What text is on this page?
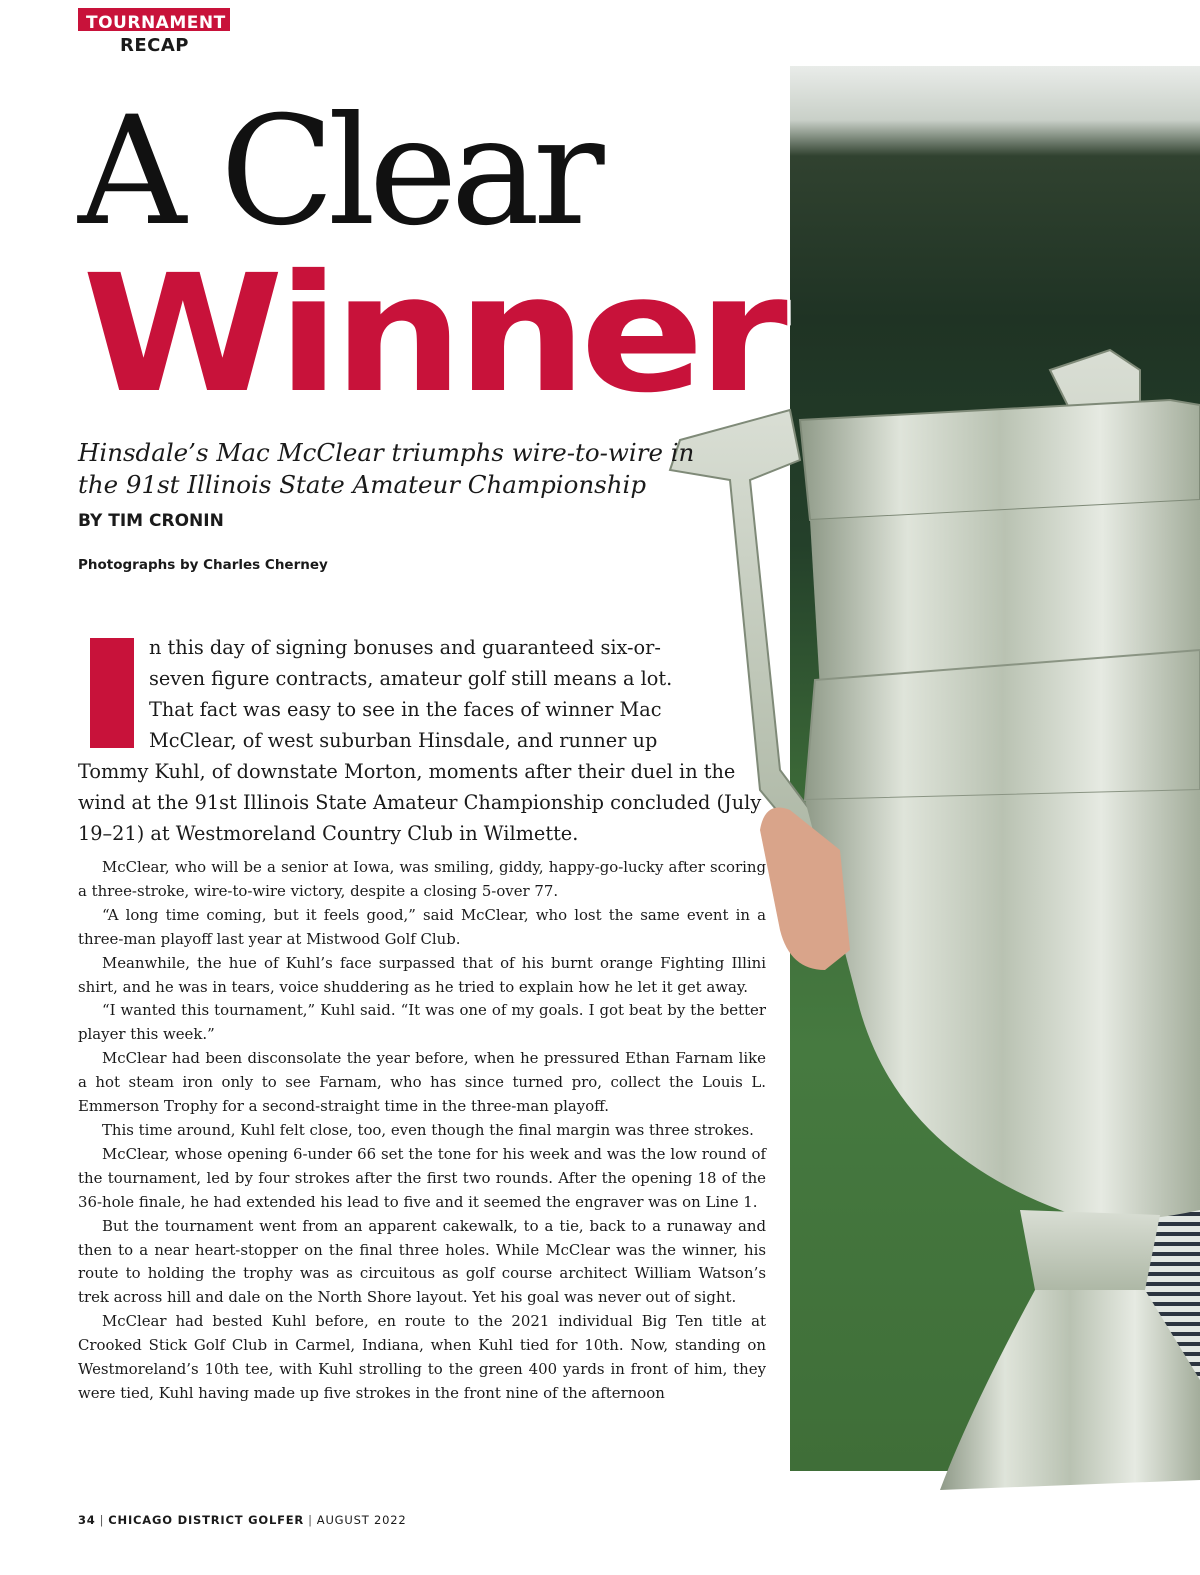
TOURNAMENT
RECAP
A Clear
Winner

Hinsdale’s Mac McClear triumphs wire-to-wire in the 91st Illinois State Amateur Championship

BY TIM CRONIN
Photographs by Charles Cherney

n this day of signing bonuses and guaranteed six-or-
seven figure contracts, amateur golf still means a lot.
That fact was easy to see in the faces of winner Mac
McClear, of west suburban Hinsdale, and runner up
Tommy Kuhl, of downstate Morton, moments after their duel in the
wind at the 91st Illinois State Amateur Championship concluded (July
19–21) at Westmoreland Country Club in Wilmette.

McClear, who will be a senior at Iowa, was smiling, giddy, happy-go-lucky after scoring a three-stroke, wire-to-wire victory, despite a closing 5-over 77.

“A long time coming, but it feels good,” said McClear, who lost the same event in a three-man playoff last year at Mistwood Golf Club.

Meanwhile, the hue of Kuhl’s face surpassed that of his burnt orange Fighting Illini shirt, and he was in tears, voice shuddering as he tried to explain how he let it get away.

“I wanted this tournament,” Kuhl said. “It was one of my goals. I got beat by the better player this week.”

McClear had been disconsolate the year before, when he pressured Ethan Farnam like a hot steam iron only to see Farnam, who has since turned pro, collect the Louis L. Emmerson Trophy for a second-straight time in the three-man playoff.

This time around, Kuhl felt close, too, even though the final margin was three strokes.

McClear, whose opening 6-under 66 set the tone for his week and was the low round of the tournament, led by four strokes after the first two rounds. After the opening 18 of the 36-hole finale, he had extended his lead to five and it seemed the engraver was on Line 1.

But the tournament went from an apparent cakewalk, to a tie, back to a runaway and then to a near heart-stopper on the final three holes. While McClear was the winner, his route to holding the trophy was as circuitous as golf course architect William Watson’s trek across hill and dale on the North Shore layout. Yet his goal was never out of sight.

McClear had bested Kuhl before, en route to the 2021 individual Big Ten title at Crooked Stick Golf Club in Carmel, Indiana, when Kuhl tied for 10th. Now, standing on Westmoreland’s 10th tee, with Kuhl strolling to the green 400 yards in front of him, they were tied, Kuhl having made up five strokes in the front nine of the afternoon

34 | CHICAGO DISTRICT GOLFER | AUGUST 2022
